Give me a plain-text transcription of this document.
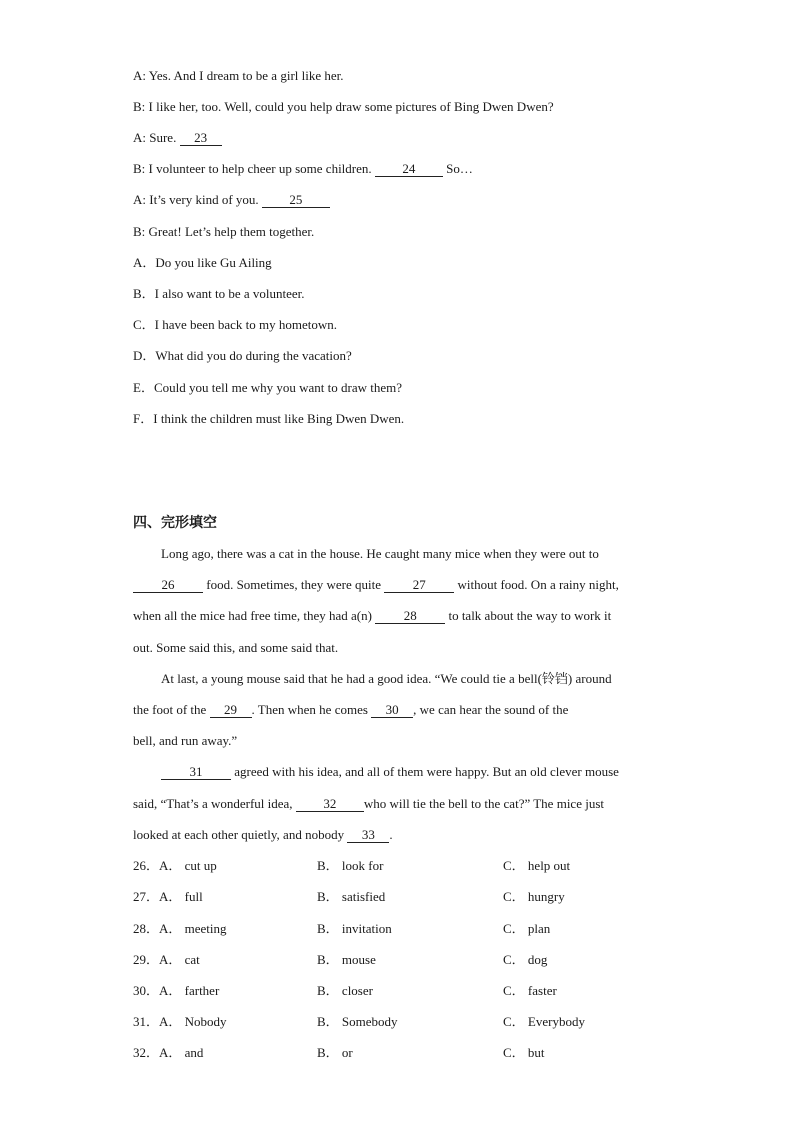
A: Yes. And I dream to be a girl like her.
B: I like her, too. Well, could you help draw some pictures of Bing Dwen Dwen?
A: Sure. 23
B: I volunteer to help cheer up some children. 24 So…
A: It’s very kind of you. 25
B: Great! Let’s help them together.
A．Do you like Gu Ailing
B．I also want to be a volunteer.
C．I have been back to my hometown.
D．What did you do during the vacation?
E．Could you tell me why you want to draw them?
F．I think the children must like Bing Dwen Dwen.
四、完形填空
Long ago, there was a cat in the house. He caught many mice when they were out to
26 food. Sometimes, they were quite 27 without food. On a rainy night,
when all the mice had free time, they had a(n) 28 to talk about the way to work it
out. Some said this, and some said that.
At last, a young mouse said that he had a good idea. “We could tie a bell(铃铛) around
the foot of the 29 . Then when he comes 30 , we can hear the sound of the
bell, and run away.”
31 agreed with his idea, and all of them were happy. But an old clever mouse
said, “That’s a wonderful idea, 32 who will tie the bell to the cat?” The mice just
looked at each other quietly, and nobody 33 .
26． A． cut up	B． look for	C． help out
27． A． full	B． satisfied	C． hungry
28． A． meeting	B． invitation	C． plan
29． A． cat	B． mouse	C． dog
30． A． farther	B． closer	C． faster
31． A． Nobody	B． Somebody	C． Everybody
32． A． and	B． or	C． but
